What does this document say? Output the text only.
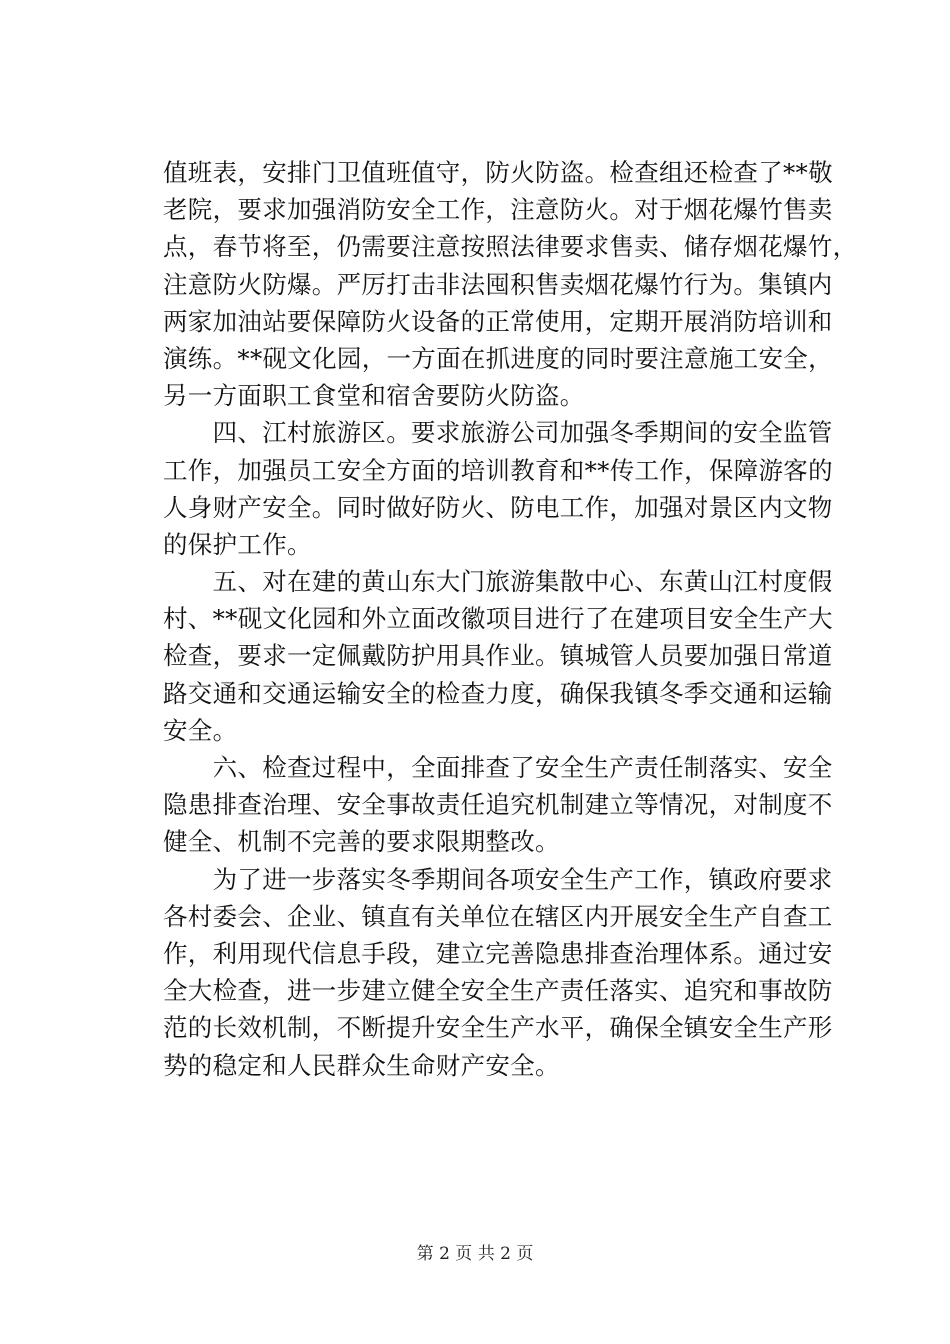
值班表，安排门卫值班值守，防火防盗。检查组还检查了**敬
老院，要求加强消防安全工作，注意防火。对于烟花爆竹售卖
点，春节将至，仍需要注意按照法律要求售卖、储存烟花爆竹，
注意防火防爆。严厉打击非法囤积售卖烟花爆竹行为。集镇内
两家加油站要保障防火设备的正常使用，定期开展消防培训和
演练。**砚文化园，一方面在抓进度的同时要注意施工安全，
另一方面职工食堂和宿舍要防火防盗。
　　四、江村旅游区。要求旅游公司加强冬季期间的安全监管
工作，加强员工安全方面的培训教育和**传工作，保障游客的
人身财产安全。同时做好防火、防电工作，加强对景区内文物
的保护工作。
　　五、对在建的黄山东大门旅游集散中心、东黄山江村度假
村、**砚文化园和外立面改徽项目进行了在建项目安全生产大
检查，要求一定佩戴防护用具作业。镇城管人员要加强日常道
路交通和交通运输安全的检查力度，确保我镇冬季交通和运输
安全。
　　六、检查过程中，全面排查了安全生产责任制落实、安全
隐患排查治理、安全事故责任追究机制建立等情况，对制度不
健全、机制不完善的要求限期整改。
　　为了进一步落实冬季期间各项安全生产工作，镇政府要求
各村委会、企业、镇直有关单位在辖区内开展安全生产自查工
作，利用现代信息手段，建立完善隐患排查治理体系。通过安
全大检查，进一步建立健全安全生产责任落实、追究和事故防
范的长效机制，不断提升安全生产水平，确保全镇安全生产形
势的稳定和人民群众生命财产安全。
第 2 页 共 2 页
